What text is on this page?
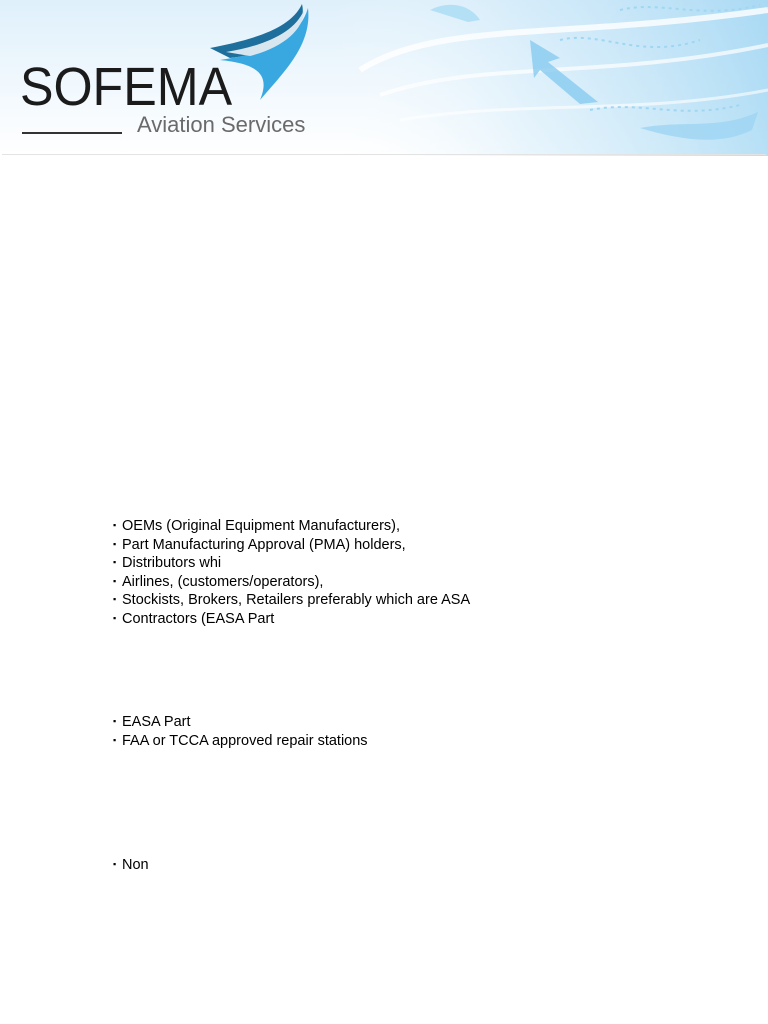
SOFEMA
Aviation Services
▪ OEMs (Original Equipment Manufacturers),
▪ Part Manufacturing Approval (PMA) holders,
▪ Distributors whi
▪ Airlines, (customers/operators),
▪ Stockists, Brokers, Retailers preferably which are ASA
▪ Contractors (EASA Part
▪ EASA Part
▪ FAA or TCCA approved repair stations
▪ Non
